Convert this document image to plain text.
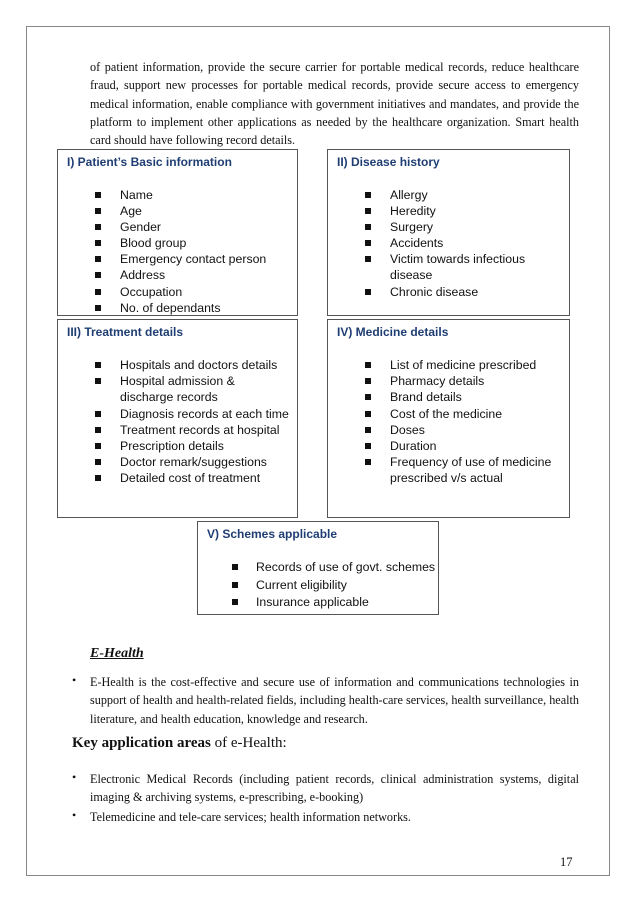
of patient information, provide the secure carrier for portable medical records, reduce healthcare fraud, support new processes for portable medical records, provide secure access to emergency medical information, enable compliance with government initiatives and mandates, and provide the platform to implement other applications as needed by the healthcare organization. Smart health card should have following record details.

I) Patient’s Basic information

Name
Age
Gender
Blood group
Emergency contact person
Address
Occupation
No. of dependants

II) Disease history

Allergy
Heredity
Surgery
Accidents
Victim towards infectious disease
Chronic disease

III) Treatment details

Hospitals and doctors details
Hospital admission & discharge records
Diagnosis records at each time
Treatment records at hospital
Prescription details
Doctor remark/suggestions
Detailed cost of treatment

IV) Medicine details

List of medicine prescribed
Pharmacy details
Brand details
Cost of the medicine
Doses
Duration
Frequency of use of medicine prescribed v/s actual

V) Schemes applicable

Records of use of govt. schemes
Current eligibility
Insurance applicable
E-Health
• E-Health is the cost-effective and secure use of information and communications technologies in support of health and health-related fields, including health-care services, health surveillance, health literature, and health education, knowledge and research.

Key application areas of e-Health:

• Electronic Medical Records (including patient records, clinical administration systems, digital imaging & archiving systems, e-prescribing, e-booking)

• Telemedicine and tele-care services; health information networks.

17
